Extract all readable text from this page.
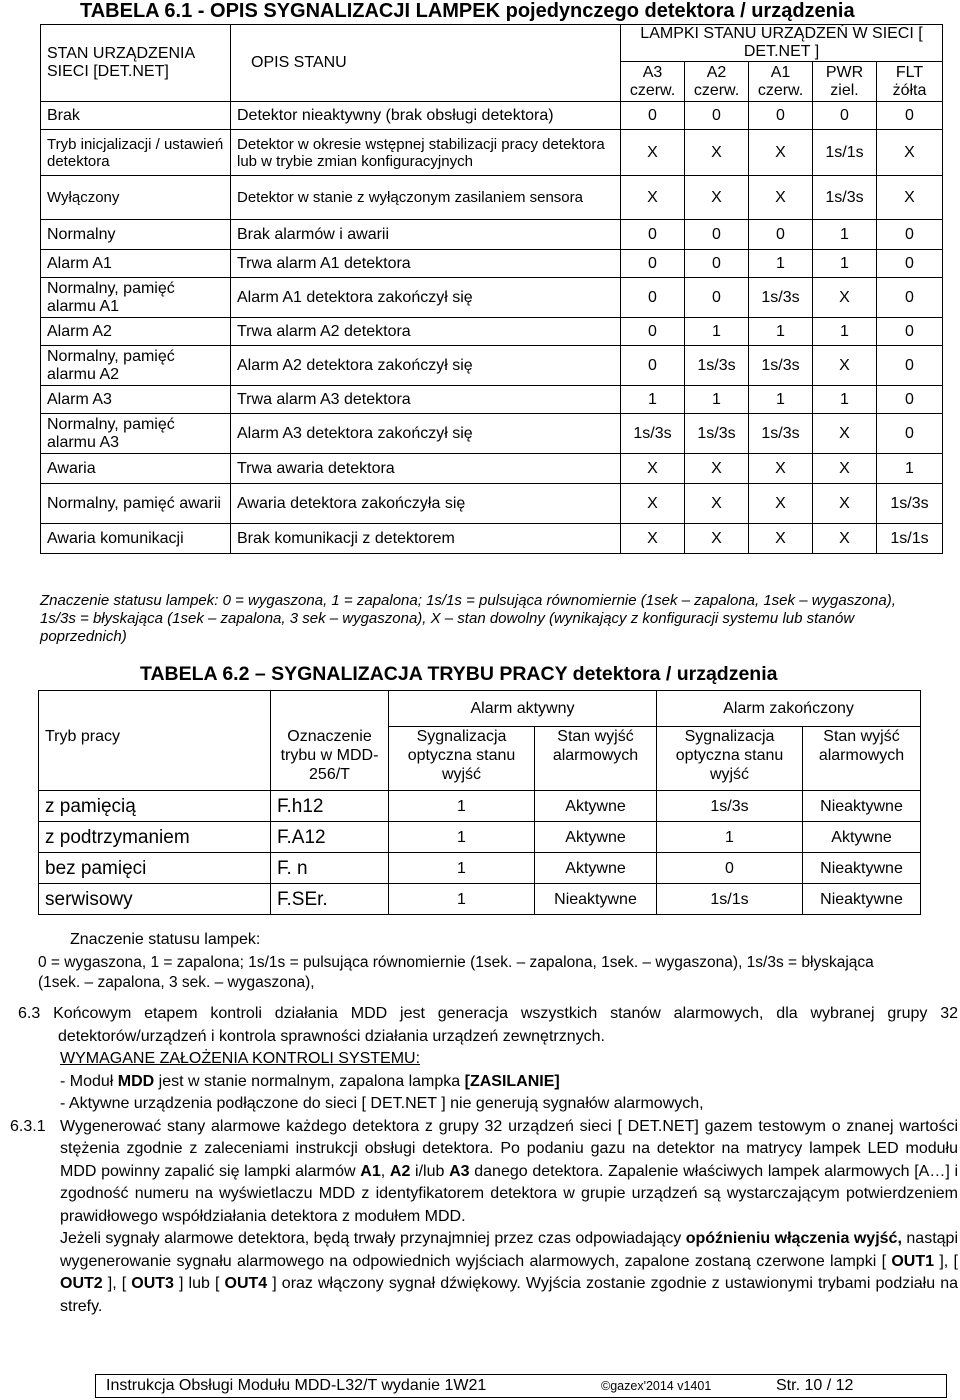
TABELA 6.1 - OPIS SYGNALIZACJI LAMPEK pojedynczego detektora / urządzenia
STAN URZĄDZENIA SIECI [DET.NET]	OPIS STANU	LAMPKI STANU URZĄDZEŃ W SIECI [ DET.NET ]				
		A3 czerw.	A2 czerw.	A1 czerw.	PWR ziel.	FLT żółta
Brak	Detektor nieaktywny (brak obsługi detektora)	0	0	0	0	0
Tryb inicjalizacji / ustawień detektora	Detektor w okresie wstępnej stabilizacji pracy detektora lub w trybie zmian konfiguracyjnych	X	X	X	1s/1s	X
Wyłączony	Detektor w stanie z wyłączonym zasilaniem sensora	X	X	X	1s/3s	X
Normalny	Brak alarmów i awarii	0	0	0	1	0
Alarm A1	Trwa alarm A1 detektora	0	0	1	1	0
Normalny, pamięć alarmu A1	Alarm A1 detektora zakończył się	0	0	1s/3s	X	0
Alarm A2	Trwa alarm A2 detektora	0	1	1	1	0
Normalny, pamięć alarmu A2	Alarm A2 detektora zakończył się	0	1s/3s	1s/3s	X	0
Alarm A3	Trwa alarm A3 detektora	1	1	1	1	0
Normalny, pamięć alarmu A3	Alarm A3 detektora zakończył się	1s/3s	1s/3s	1s/3s	X	0
Awaria	Trwa awaria detektora	X	X	X	X	1
Normalny, pamięć awarii	Awaria detektora zakończyła się	X	X	X	X	1s/3s
Awaria komunikacji	Brak komunikacji z detektorem	X	X	X	X	1s/1s
Znaczenie statusu lampek: 0 = wygaszona, 1 = zapalona; 1s/1s = pulsująca równomiernie (1sek – zapalona, 1sek – wygaszona), 1s/3s = błyskająca (1sek – zapalona, 3 sek – wygaszona), X – stan dowolny (wynikający z konfiguracji systemu lub stanów poprzednich)
TABELA 6.2 – SYGNALIZACJA TRYBU PRACY detektora / urządzenia
		Alarm aktywny		Alarm zakończony	
Tryb pracy	Oznaczenie trybu w MDD-256/T	Sygnalizacja optyczna stanu wyjść	Stan wyjść alarmowych	Sygnalizacja optyczna stanu wyjść	Stan wyjść alarmowych
z pamięcią	F.h12	1	Aktywne	1s/3s	Nieaktywne
z podtrzymaniem	F.A12	1	Aktywne	1	Aktywne
bez pamięci	F. n	1	Aktywne	0	Nieaktywne
serwisowy	F.SEr.	1	Nieaktywne	1s/1s	Nieaktywne
Znaczenie statusu lampek:
0 = wygaszona, 1 = zapalona; 1s/1s = pulsująca równomiernie (1sek. – zapalona, 1sek. – wygaszona), 1s/3s = błyskająca (1sek. – zapalona, 3 sek. – wygaszona),
6.3 Końcowym etapem kontroli działania MDD jest generacja wszystkich stanów alarmowych, dla wybranej grupy 32 detektorów/urządzeń i kontrola sprawności działania urządzeń zewnętrznych.
WYMAGANE ZAŁOŻENIA KONTROLI SYSTEMU:
- Moduł MDD jest w stanie normalnym, zapalona lampka [ZASILANIE]
- Aktywne urządzenia podłączone do sieci [ DET.NET ] nie generują sygnałów alarmowych,
6.3.1 Wygenerować stany alarmowe każdego detektora z grupy 32 urządzeń sieci [ DET.NET] gazem testowym o znanej wartości stężenia zgodnie z zaleceniami instrukcji obsługi detektora. Po podaniu gazu na detektor na matrycy lampek LED modułu MDD powinny zapalić się lampki alarmów A1, A2 i/lub A3 danego detektora. Zapalenie właściwych lampek alarmowych [A…] i zgodność numeru na wyświetlaczu MDD z identyfikatorem detektora w grupie urządzeń są wystarczającym potwierdzeniem prawidłowego współdziałania detektora z modułem MDD.
Jeżeli sygnały alarmowe detektora, będą trwały przynajmniej przez czas odpowiadający opóźnieniu włączenia wyjść, nastąpi wygenerowanie sygnału alarmowego na odpowiednich wyjściach alarmowych, zapalone zostaną czerwone lampki [ OUT1 ], [ OUT2 ], [ OUT3 ] lub [ OUT4 ] oraz włączony sygnał dźwiękowy. Wyjścia zostanie zgodnie z ustawionymi trybami podziału na strefy.
Instrukcja Obsługi Modułu MDD-L32/T wydanie 1W21	©gazex'2014 v1401	Str. 10 / 12
